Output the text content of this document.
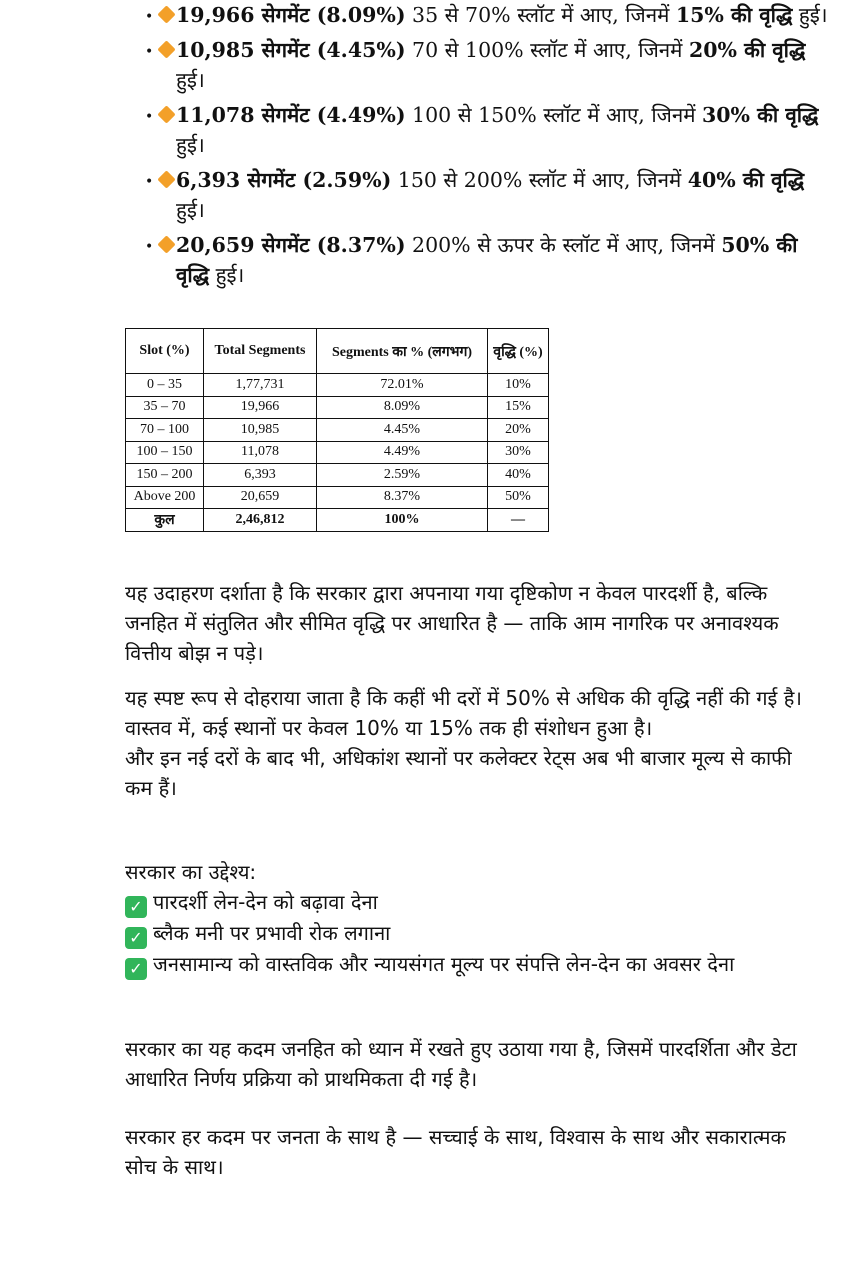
• 19,966 सेगमेंट (8.09%) 35 से 70% स्लॉट में आए, जिनमें 15% की वृद्धि हुई।
• 10,985 सेगमेंट (4.45%) 70 से 100% स्लॉट में आए, जिनमें 20% की वृद्धि हुई।
• 11,078 सेगमेंट (4.49%) 100 से 150% स्लॉट में आए, जिनमें 30% की वृद्धि हुई।
• 6,393 सेगमेंट (2.59%) 150 से 200% स्लॉट में आए, जिनमें 40% की वृद्धि हुई।
• 20,659 सेगमेंट (8.37%) 200% से ऊपर के स्लॉट में आए, जिनमें 50% की वृद्धि हुई।
Slot (%)	Total Segments	Segments का % (लगभग)	वृद्धि (%)
0 – 35	1,77,731	72.01%	10%
35 – 70	19,966	8.09%	15%
70 – 100	10,985	4.45%	20%
100 – 150	11,078	4.49%	30%
150 – 200	6,393	2.59%	40%
Above 200	20,659	8.37%	50%
कुल	2,46,812	100%	—

यह उदाहरण दर्शाता है कि सरकार द्वारा अपनाया गया दृष्टिकोण न केवल पारदर्शी है, बल्कि जनहित में संतुलित और सीमित वृद्धि पर आधारित है — ताकि आम नागरिक पर अनावश्यक वित्तीय बोझ न पड़े।

यह स्पष्ट रूप से दोहराया जाता है कि कहीं भी दरों में 50% से अधिक की वृद्धि नहीं की गई है।

वास्तव में, कई स्थानों पर केवल 10% या 15% तक ही संशोधन हुआ है।

और इन नई दरों के बाद भी, अधिकांश स्थानों पर कलेक्टर रेट्स अब भी बाजार मूल्य से काफी कम हैं।

सरकार का उद्देश्य:

✓ पारदर्शी लेन-देन को बढ़ावा देना

✓ ब्लैक मनी पर प्रभावी रोक लगाना

✓ जनसामान्य को वास्तविक और न्यायसंगत मूल्य पर संपत्ति लेन-देन का अवसर देना

सरकार का यह कदम जनहित को ध्यान में रखते हुए उठाया गया है, जिसमें पारदर्शिता और डेटा आधारित निर्णय प्रक्रिया को प्राथमिकता दी गई है।

सरकार हर कदम पर जनता के साथ है — सच्चाई के साथ, विश्वास के साथ और सकारात्मक सोच के साथ।
